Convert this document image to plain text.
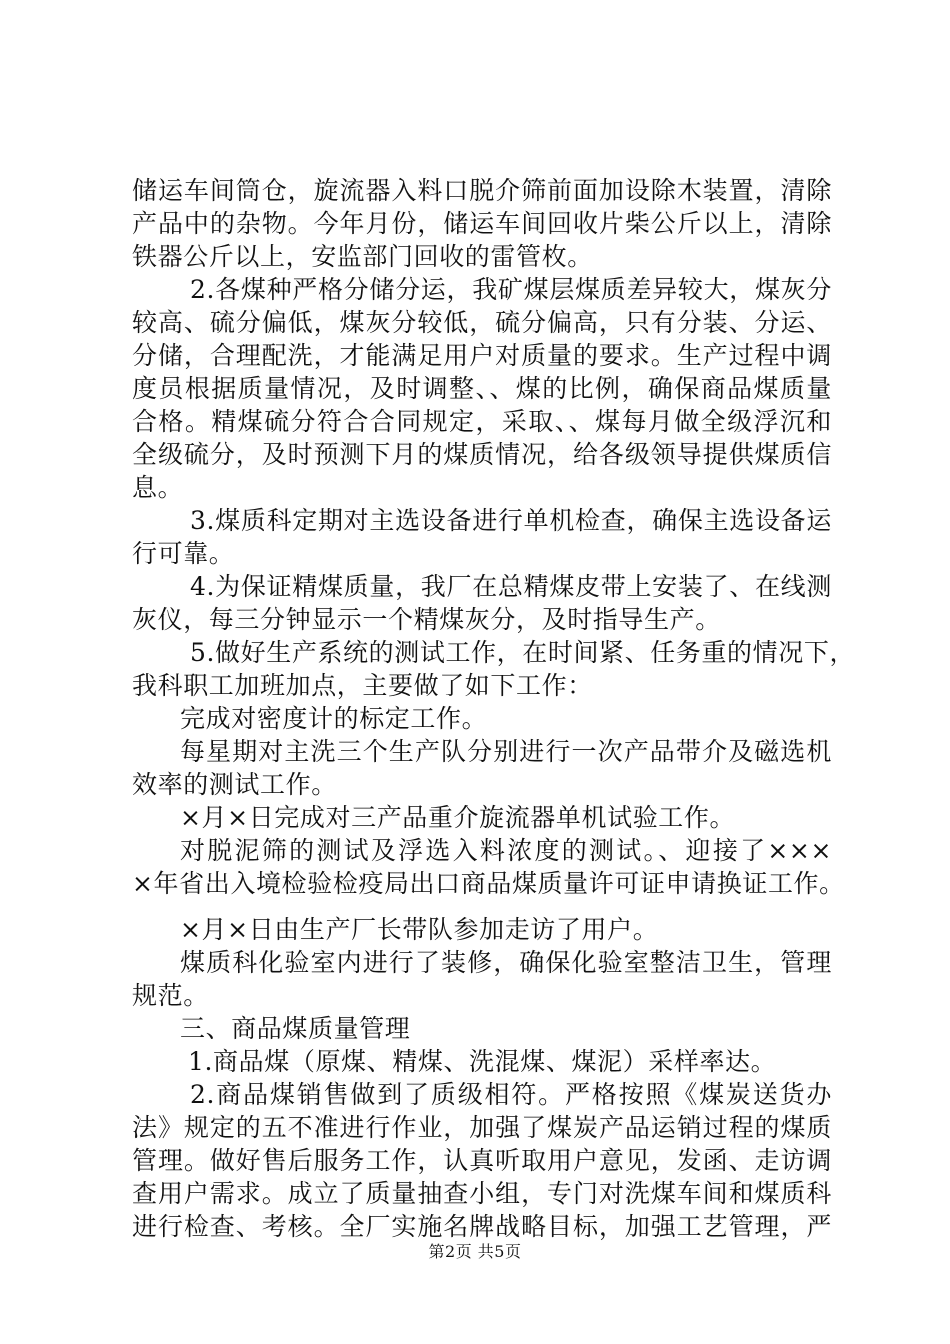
储运车间筒仓，旋流器入料口脱介筛前面加设除木装置，清除
产品中的杂物。今年月份，储运车间回收片柴公斤以上，清除
铁器公斤以上，安监部门回收的雷管枚。
2.各煤种严格分储分运，我矿煤层煤质差异较大，煤灰分
较高、硫分偏低，煤灰分较低，硫分偏高，只有分装、分运、
分储，合理配洗，才能满足用户对质量的要求。生产过程中调
度员根据质量情况，及时调整、、煤的比例，确保商品煤质量
合格。精煤硫分符合合同规定，采取、、煤每月做全级浮沉和
全级硫分，及时预测下月的煤质情况，给各级领导提供煤质信
息。
3.煤质科定期对主选设备进行单机检查，确保主选设备运
行可靠。
4.为保证精煤质量，我厂在总精煤皮带上安装了、在线测
灰仪，每三分钟显示一个精煤灰分，及时指导生产。
5.做好生产系统的测试工作，在时间紧、任务重的情况下，
我科职工加班加点，主要做了如下工作：
完成对密度计的标定工作。
每星期对主洗三个生产队分别进行一次产品带介及磁选机
效率的测试工作。
×月×日完成对三产品重介旋流器单机试验工作。
对脱泥筛的测试及浮选入料浓度的测试。、迎接了×××
×年省出入境检验检疫局出口商品煤质量许可证申请换证工作。
×月×日由生产厂长带队参加走访了用户。
煤质科化验室内进行了装修，确保化验室整洁卫生，管理
规范。
三、商品煤质量管理
1.商品煤（原煤、精煤、洗混煤、煤泥）采样率达。
2.商品煤销售做到了质级相符。严格按照《煤炭送货办
法》规定的五不准进行作业，加强了煤炭产品运销过程的煤质
管理。做好售后服务工作，认真听取用户意见，发函、走访调
查用户需求。成立了质量抽查小组，专门对洗煤车间和煤质科
进行检查、考核。全厂实施名牌战略目标，加强工艺管理，严
第2页 共5页
